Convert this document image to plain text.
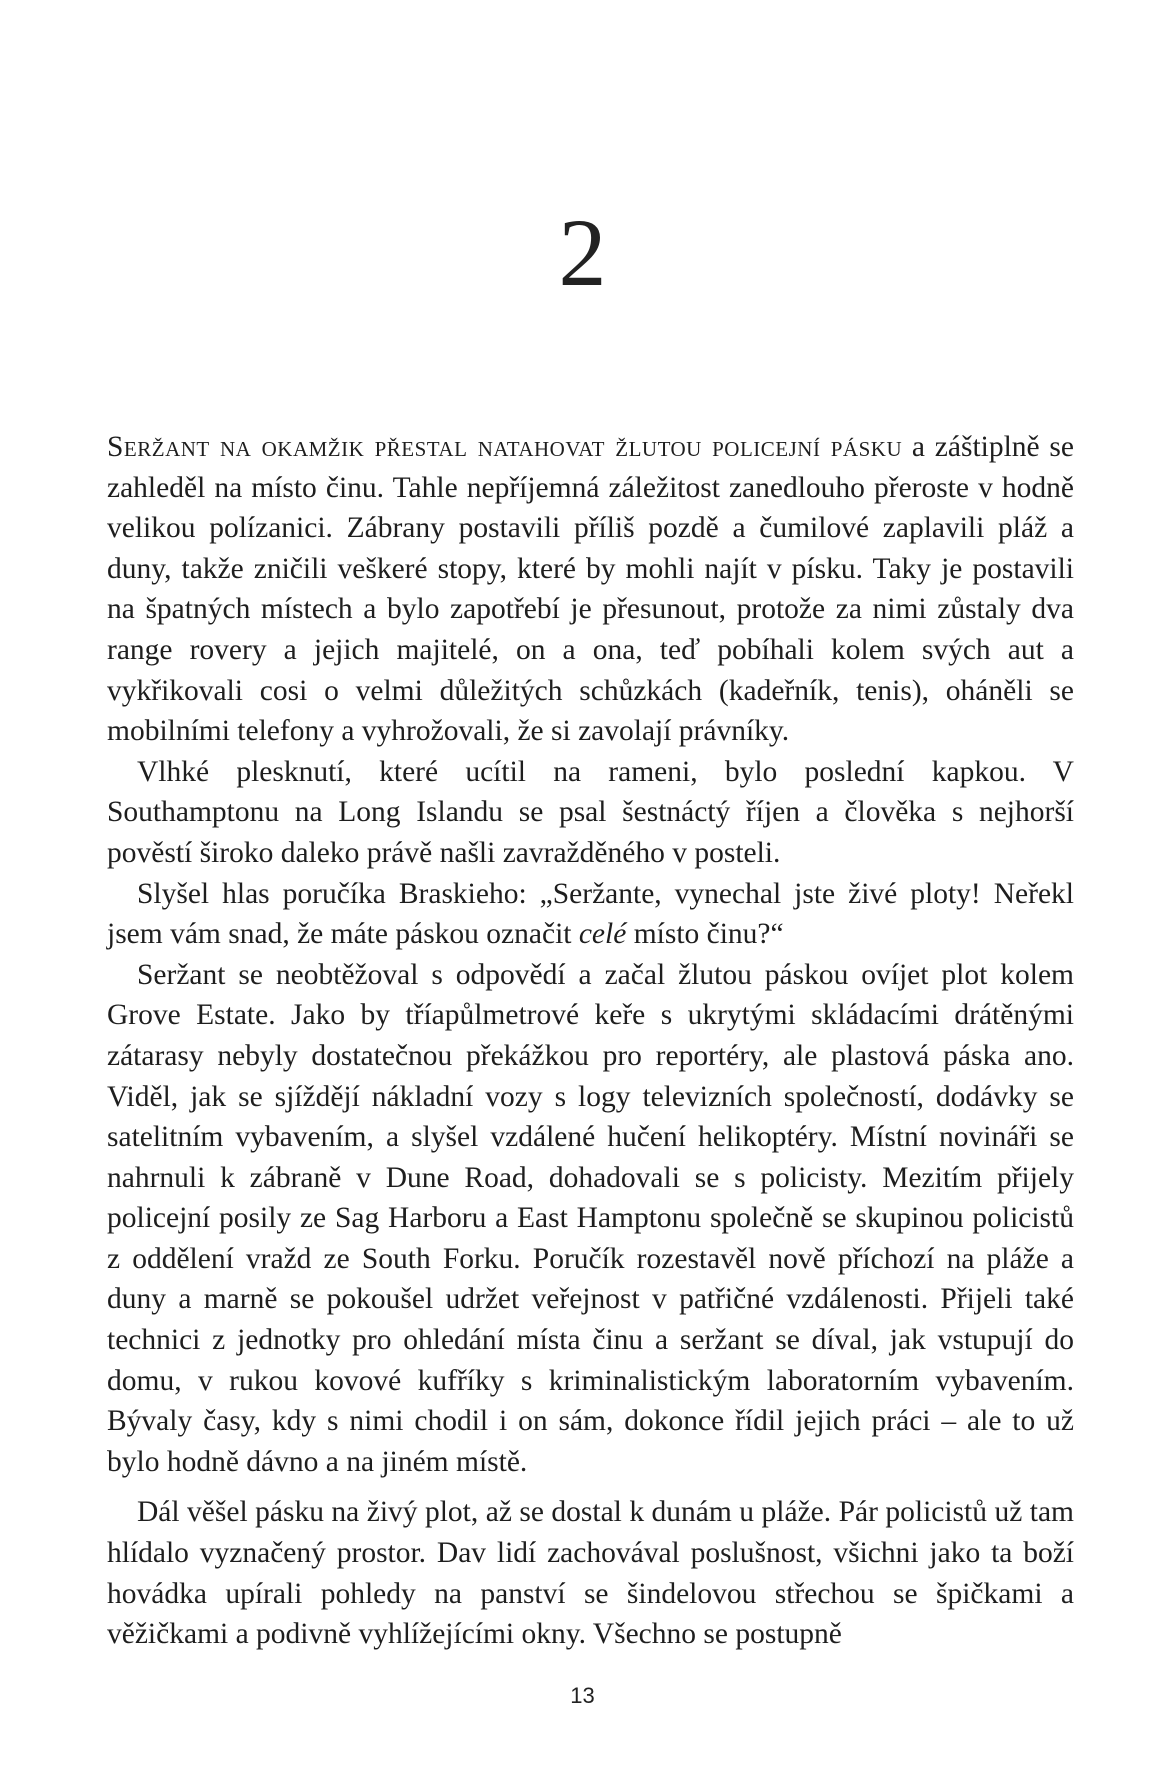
2

Seržant na okamžik přestal natahovat žlutou policejní pásku a záštiplně se zahleděl na místo činu. Tahle nepříjemná záležitost zanedlouho přeroste v hodně velikou polízanici. Zábrany postavili příliš pozdě a čumilové zaplavili pláž a duny, takže zničili veškeré stopy, které by mohli najít v písku. Taky je postavili na špatných místech a bylo zapotřebí je přesunout, protože za nimi zůstaly dva range rovery a jejich majitelé, on a ona, teď pobíhali kolem svých aut a vykřikovali cosi o velmi důležitých schůzkách (kadeřník, tenis), oháněli se mobilními telefony a vyhrožovali, že si zavolají právníky.

Vlhké plesknutí, které ucítil na rameni, bylo poslední kapkou. V Southamptonu na Long Islandu se psal šestnáctý říjen a člověka s nejhorší pověstí široko daleko právě našli zavražděného v posteli.

Slyšel hlas poručíka Braskieho: „Seržante, vynechal jste živé ploty! Neřekl jsem vám snad, že máte páskou označit celé místo činu?“

Seržant se neobtěžoval s odpovědí a začal žlutou páskou ovíjet plot kolem Grove Estate. Jako by tříapůlmetrové keře s ukrytými skládacími drátěnými zátarasy nebyly dostatečnou překážkou pro reportéry, ale plastová páska ano. Viděl, jak se sjíždějí nákladní vozy s logy televizních společností, dodávky se satelitním vybavením, a slyšel vzdálené hučení helikoptéry. Místní novináři se nahrnuli k zábraně v Dune Road, dohadovali se s policisty. Mezitím přijely policejní posily ze Sag Harboru a East Hamptonu společně se skupinou policistů z oddělení vražd ze South Forku. Poručík rozestavěl nově příchozí na pláže a duny a marně se pokoušel udržet veřejnost v patřičné vzdálenosti. Přijeli také technici z jednotky pro ohledání místa činu a seržant se díval, jak vstupují do domu, v rukou kovové kufříky s kriminalistickým laboratorním vybavením. Bývaly časy, kdy s nimi chodil i on sám, dokonce řídil jejich práci – ale to už bylo hodně dávno a na jiném místě.

Dál věšel pásku na živý plot, až se dostal k dunám u pláže. Pár policistů už tam hlídalo vyznačený prostor. Dav lidí zachovával poslušnost, všichni jako ta boží hovádka upírali pohledy na panství se šindelovou střechou se špičkami a věžičkami a podivně vyhlížejícími okny. Všechno se postupně

13
